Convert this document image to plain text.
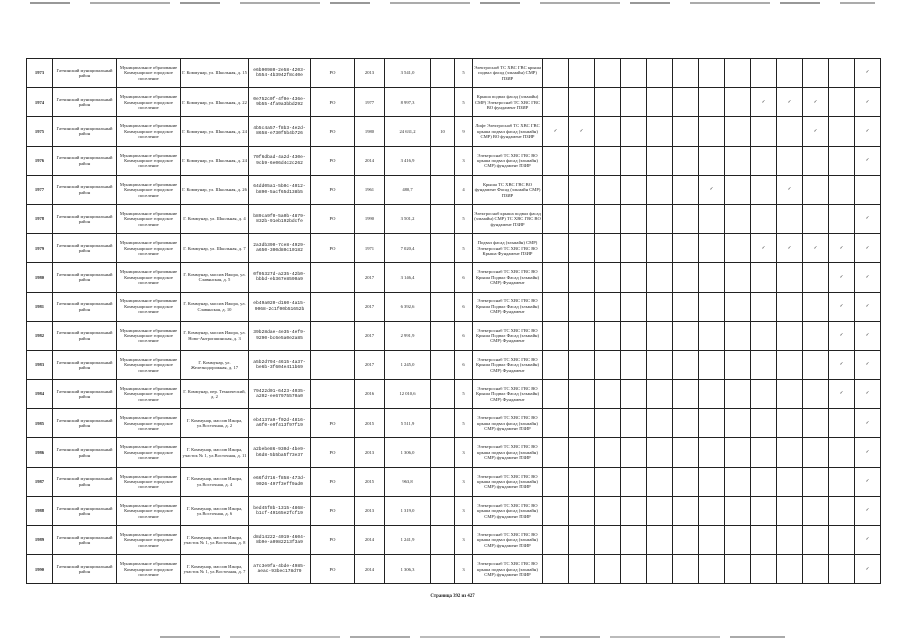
1973	Гатчинский муниципальный район	Муниципальное образование Коммунарское городское поселение	Г. Коммунар, ул. Школьная, д. 15	e6b90980-2e58-4203-b554-4b3942f8c40e	РО	2013	3 541,0		5	Электроснаб ТС ХВС ГВС крыша подвал фасад (эльмайн) СМР) ПЗИР													✓
1974	Гатчинский муниципальный район	Муниципальное образование Коммунарское городское поселение	Г. Коммунар, ул. Школьная, д. 22	0e752c0f-4f0e-436e-9b55-4fa9a3bbd292	РО	1977	8 997,3		5	Крыша подвал фасад (эльмайн) СМР) Электроснаб ТС ХВС ГВС ВО фундамент ПЗИР									✓	✓	✓		✓
1975	Гатчинский муниципальный район	Муниципальное образование Коммунарское городское поселение	Г. Коммунар, ул. Школьная, д. 24	4b5c4a57-f8b3-4e2d-8658-e730f5b4b726	РО	1980	24 631,2	10	9	Лифт Электроснаб ТС ХВС ГВС крыша подвал фасад (эльмайн) СМР) ВО фундамент ПЗИР	✓	✓									✓		✓
1976	Гатчинский муниципальный район	Муниципальное образование Коммунарское городское поселение	Г. Коммунар, ул. Школьная, д. 24	70f6dbad-4a2d-430e-9cb9-6e06d4c2c262	РО	2014	3 416,9		3	Электроснаб ТС ХВС ГВС ВО крыша подвал фасад (эльмайн) СМР) фундамент ПЗИР													✓
1977	Гатчинский муниципальный район	Муниципальное образование Коммунарское городское поселение	Г. Коммунар, ул. Школьная, д. 26	64dd05a1-5b0c-4012-b890-5acf65d138b5	РО	1961	480,7		4	Крыша ТС ХВС ГВС ВО фундамент Фасад (эльмайн СМР) ПЗИР							✓			✓			
1978	Гатчинский муниципальный район	Муниципальное образование Коммунарское городское поселение	Г. Коммунар, ул. Школьная, д. 4	b89ca9f0-5a0b-4879-832b-91eb192bdcfe	РО	1990	3 501,2		5	Электроснаб крыша подвал фасад (эльмайн) СМР) ТС ХВС ГВС ВО фундамент ПЗИР													✓
1979	Гатчинский муниципальный район	Муниципальное образование Коммунарское городское поселение	Г. Коммунар, ул. Школьная, д. 7	2a3db390-7ce8-4929-a650-300d80c10182	РО	1971	7 020,4		5	Подвал фасад (эльмайн) СМР) Электроснаб ТС ХВС ГВС ВО Крыша Фундамент ПЗИР									✓	✓	✓	✓	✓
1980	Гатчинский муниципальный район	Муниципальное образование Коммунарское городское поселение	Г. Коммунар, массив Ижора, ул. Славянская, д. 5	0f05327d-a235-42b0-bbbd-eb367e8590a9		2017	3 146,4		6	Электроснаб ТС ХВС ГВС ВО Крыша Подвал Фасад (эльмайн) СМР) Фундамент												✓	✓
1981	Гатчинский муниципальный район	Муниципальное образование Коммунарское городское поселение	Г. Коммунар, массив Ижора, ул. Славянская, д. 10	eb49a020-d160-4a15-9068-2c1f00b51652b		2017	6 392,6		6	Электроснаб ТС ХВС ГВС ВО Крыша Подвал Фасад (эльмайн) СМР) Фундамент												✓	✓
1982	Гатчинский муниципальный район	Муниципальное образование Коммунарское городское поселение	Г. Коммунар, массив Ижора, ул. Ново-Антропшинская, д. 3	39b28dae-4e35-4ef9-9290-bc6e5a0e2a85		2017	2 991,9		6	Электроснаб ТС ХВС ГВС ВО Крыша Подвал Фасад (эльмайн) СМР) Фундамент												✓	✓
1983	Гатчинский муниципальный район	Муниципальное образование Коммунарское городское поселение	Г. Коммунар, ул. Железнодорожная, д. 17	a5b2d794-4615-4a37-be6b-3f604e411b69		2017	1 245,0		6	Электроснаб ТС ХВС ГВС ВО Крыша Подвал Фасад (эльмайн) СМР) Фундамент												✓	✓
1984	Гатчинский муниципальный район	Муниципальное образование Коммунарское городское поселение	Г. Коммунар, пер. Технический, д. 2	79422d01-6423-4035-a202-ee67975570a0		2016	12 010,6		5	Электроснаб ТС ХВС ГВС ВО Крыша Подвал Фасад (эльмайн) СМР) Фундамент												✓	✓
1985	Гатчинский муниципальный район	Муниципальное образование Коммунарское городское поселение	Г. Коммунар, массив Ижора, ул.Восточная, д. 2	eb4137a9-f02d-4816-a6f0-e9f413f97f19	РО	2015	5 511,9		5	Электроснаб ТС ХВС ГВС ВО крыша подвал фасад (эльмайн) СМР) фундамент ПЗИР													✓
1986	Гатчинский муниципальный район	Муниципальное образование Коммунарское городское поселение	Г. Коммунар, массив Ижора, участок № 1, ул.Восточная, д. 11	a2bebe86-930d-4be9-b6d8-5b5ba5f73e37	РО	2013	1 306,0		3	Электроснаб ТС ХВС ГВС ВО крыша подвал фасад (эльмайн) СМР) фундамент ПЗИР													✓
1987	Гатчинский муниципальный район	Муниципальное образование Коммунарское городское поселение	Г. Коммунар, массив Ижора, ул.Восточная, д. 4	e66fd716-f858-473d-9026-497f3eff9ad0	РО	2015	963,8		3	Электроснаб ТС ХВС ГВС ВО крыша подвал фасад (эльмайн) СМР) фундамент ПЗИР													✓
1988	Гатчинский муниципальный район	Муниципальное образование Коммунарское городское поселение	Г. Коммунар, массив Ижора, ул.Восточная, д. 6	bed45f8b-1315-4868-b1cf-49165e2fcf19	РО	2013	1 319,0		3	Электроснаб ТС ХВС ГВС ВО крыша подвал фасад (эльмайн) СМР) фундамент ПЗИР													✓
1989	Гатчинский муниципальный район	Муниципальное образование Коммунарское городское поселение	Г. Коммунар, массив Ижора, участок № 1, ул.Восточная, д. 8	d8d14222-4019-4604-8b9e-a0982213f3a9	РО	2014	1 241,9		3	Электроснаб ТС ХВС ГВС ВО крыша подвал фасад (эльмайн) СМР) фундамент ПЗИР													✓
1990	Гатчинский муниципальный район	Муниципальное образование Коммунарское городское поселение	Г. Коммунар, массив Ижора, участок № 1, ул.Восточная, д. 7	a7c3e9fa-4bde-4985-aeac-93bec178d79	РО	2014	1 306,3		3	Электроснаб ТС ХВС ГВС ВО крыша подвал фасад (эльмайн) СМР) фундамент ПЗИР													✓
Страница 392 из 427
